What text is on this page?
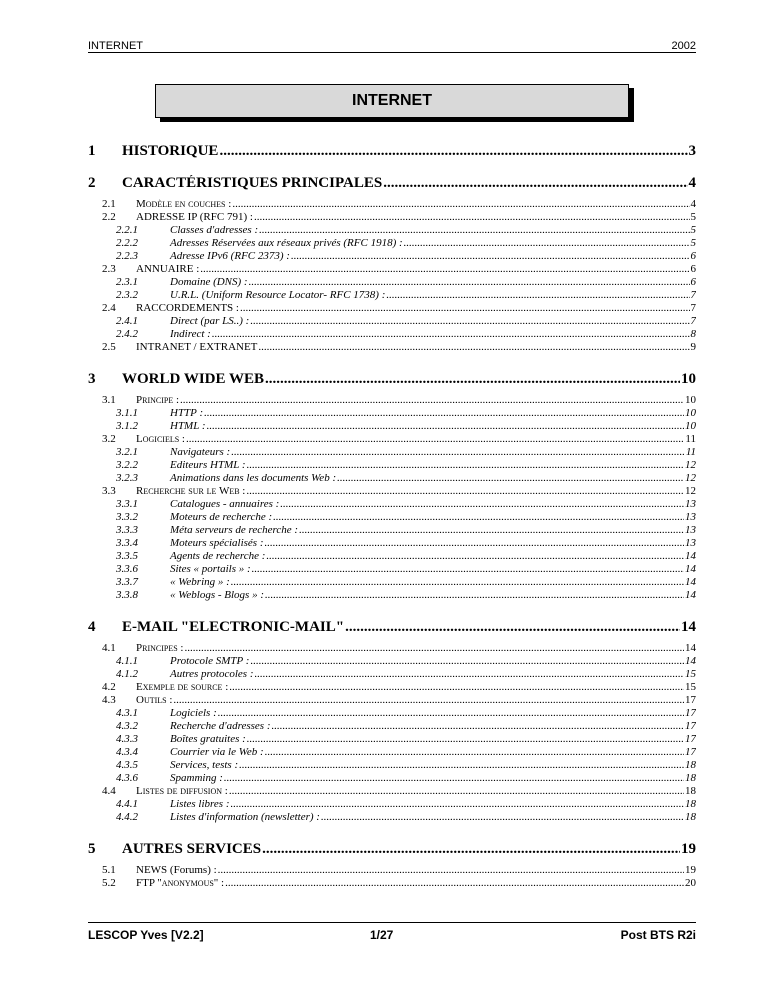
INTERNET	2002
INTERNET
1 HISTORIQUE .....	3
2 CARACTÉRISTIQUES PRINCIPALES .....	4
2.1 Modèle en couches : .....	4
2.2 ADRESSE IP (RFC 791) : .....	5
2.2.1	Classes d'adresses : .....	5
2.2.2	Adresses Réservées aux réseaux privés (RFC 1918) : .....	5
2.2.3	Adresse IPv6 (RFC 2373) : .....	6
2.3 ANNUAIRE : .....	6
2.3.1	Domaine (DNS) : .....	6
2.3.2	U.R.L. (Uniform Resource Locator- RFC 1738) : .....	7
2.4 RACCORDEMENTS : .....	7
2.4.1	Direct (par LS..) : .....	7
2.4.2	Indirect : .....	8
2.5 INTRANET / EXTRANET .....	9
3 WORLD WIDE WEB .....	10
3.1 Principe : .....	10
3.1.1	HTTP : .....	10
3.1.2	HTML : .....	10
3.2 Logiciels : .....	11
3.2.1	Navigateurs : .....	11
3.2.2	Editeurs HTML : .....	12
3.2.3	Animations dans les documents Web : .....	12
3.3 Recherche sur le Web : .....	12
3.3.1	Catalogues - annuaires : .....	13
3.3.2	Moteurs de recherche : .....	13
3.3.3	Méta serveurs de recherche : .....	13
3.3.4	Moteurs spécialisés : .....	13
3.3.5	Agents de recherche : .....	14
3.3.6	Sites « portails » : .....	14
3.3.7	« Webring » : .....	14
3.3.8	« Weblogs - Blogs » : .....	14
4 E-MAIL "ELECTRONIC-MAIL" .....	14
4.1 Principes : .....	14
4.1.1	Protocole SMTP : .....	14
4.1.2	Autres protocoles : .....	15
4.2 Exemple de source : .....	15
4.3 Outils : .....	17
4.3.1	Logiciels : .....	17
4.3.2	Recherche d'adresses : .....	17
4.3.3	Boîtes gratuites : .....	17
4.3.4	Courrier via le Web : .....	17
4.3.5	Services, tests : .....	18
4.3.6	Spamming : .....	18
4.4 Listes de diffusion : .....	18
4.4.1	Listes libres : .....	18
4.4.2	Listes d'information (newsletter) : .....	18
5 AUTRES SERVICES .....	19
5.1 NEWS (Forums) : .....	19
5.2 FTP "anonymous" : .....	20
LESCOP Yves [V2.2]	1/27	Post BTS R2i
